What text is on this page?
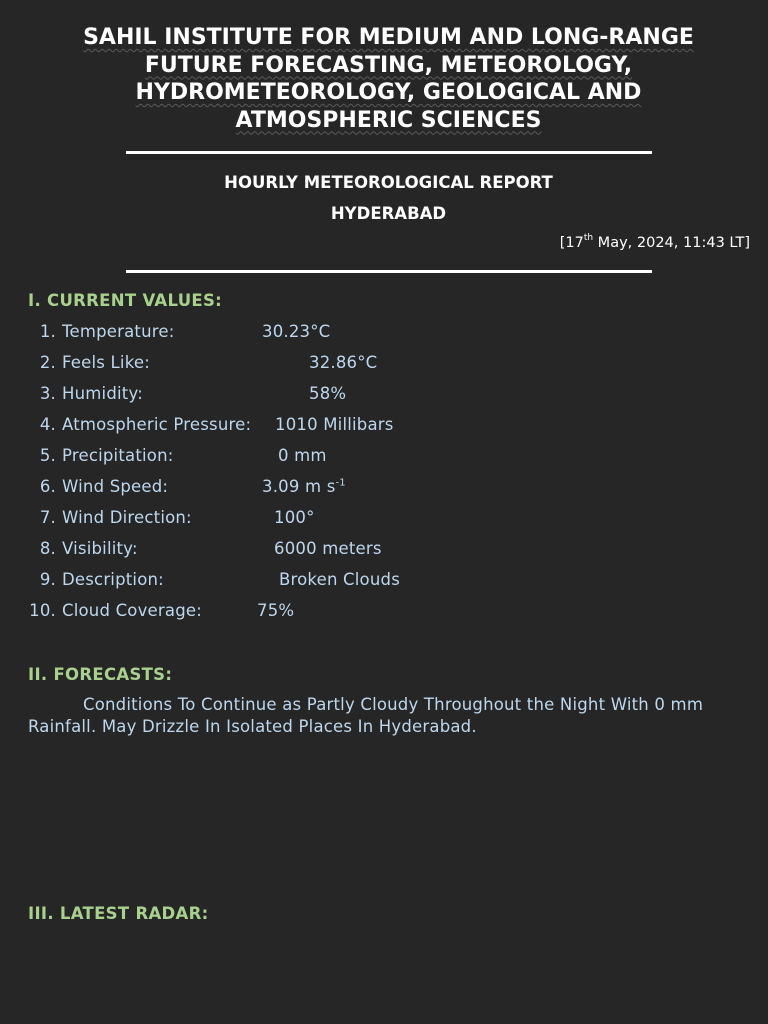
SAHIL INSTITUTE FOR MEDIUM AND LONG-RANGE
FUTURE FORECASTING, METEOROLOGY,
HYDROMETEOROLOGY, GEOLOGICAL AND
ATMOSPHERIC SCIENCES
HOURLY METEOROLOGICAL REPORT
HYDERABAD
[17th May, 2024, 11:43 LT]
I. CURRENT VALUES:
1. Temperature:	30.23°C
2. Feels Like:	32.86°C
3. Humidity:	58%
4. Atmospheric Pressure: 1010 Millibars
5. Precipitation:	0 mm
6. Wind Speed:	3.09 m $s^{-1}$
7. Wind Direction:	100°
8. Visibility:	6000 meters
9. Description:	Broken Clouds
10. Cloud Coverage:	75%
II. FORECASTS:
Conditions To Continue as Partly Cloudy Throughout the Night With 0 mm Rainfall. May Drizzle In Isolated Places In Hyderabad.
III. LATEST RADAR:
